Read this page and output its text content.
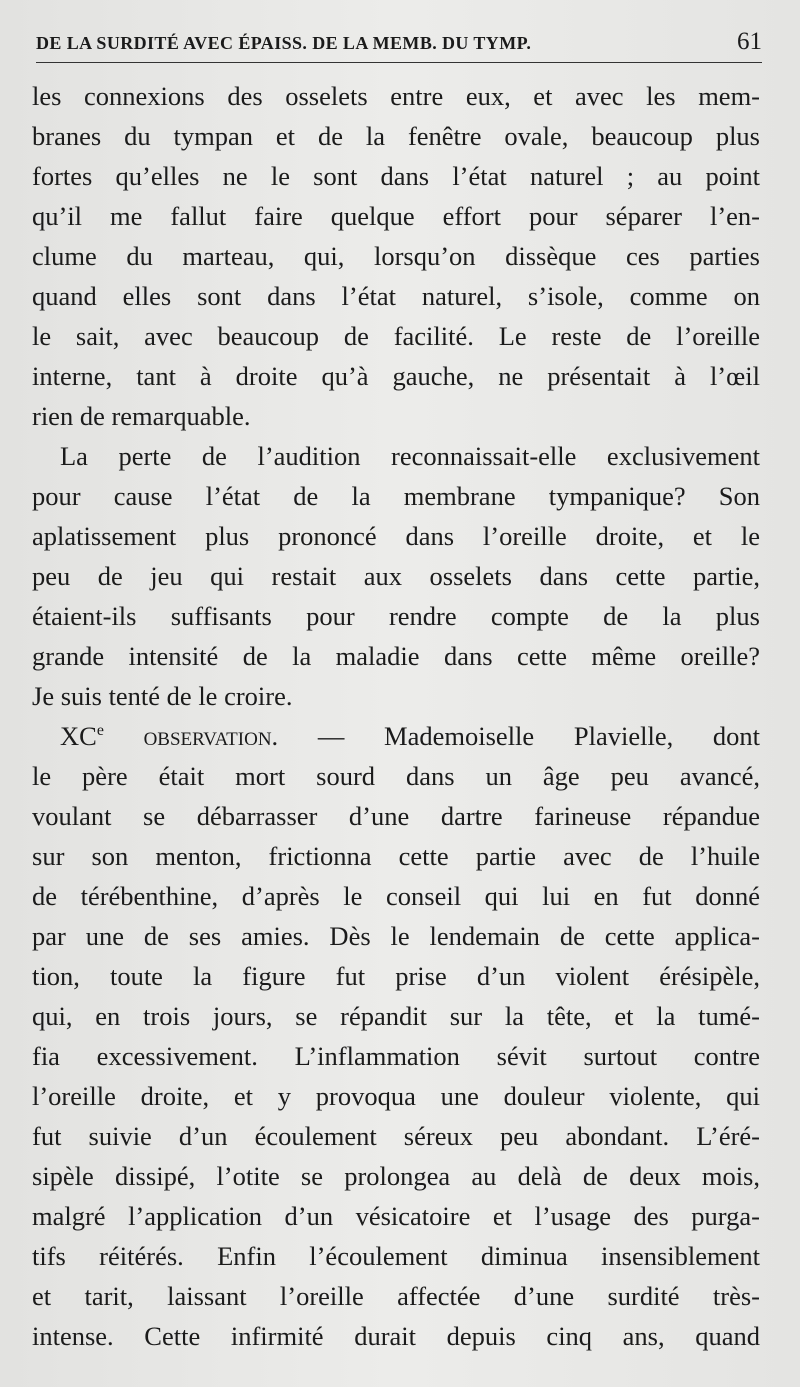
DE LA SURDITÉ AVEC ÉPAISS. DE LA MEMB. DU TYMP.	61
les connexions des osselets entre eux, et avec les mem-
branes du tympan et de la fenêtre ovale, beaucoup plus
fortes qu’elles ne le sont dans l’état naturel ; au point
qu’il me fallut faire quelque effort pour séparer l’en-
clume du marteau, qui, lorsqu’on dissèque ces parties
quand elles sont dans l’état naturel, s’isole, comme on
le sait, avec beaucoup de facilité. Le reste de l’oreille
interne, tant à droite qu’à gauche, ne présentait à l’œil
rien de remarquable.
La perte de l’audition reconnaissait-elle exclusivement
pour cause l’état de la membrane tympanique? Son
aplatissement plus prononcé dans l’oreille droite, et le
peu de jeu qui restait aux osselets dans cette partie,
étaient-ils suffisants pour rendre compte de la plus
grande intensité de la maladie dans cette même oreille?
Je suis tenté de le croire.
XCe observation. — Mademoiselle Plavielle, dont
le père était mort sourd dans un âge peu avancé,
voulant se débarrasser d’une dartre farineuse répandue
sur son menton, frictionna cette partie avec de l’huile
de térébenthine, d’après le conseil qui lui en fut donné
par une de ses amies. Dès le lendemain de cette applica-
tion, toute la figure fut prise d’un violent érésipèle,
qui, en trois jours, se répandit sur la tête, et la tumé-
fia excessivement. L’inflammation sévit surtout contre
l’oreille droite, et y provoqua une douleur violente, qui
fut suivie d’un écoulement séreux peu abondant. L’éré-
sipèle dissipé, l’otite se prolongea au delà de deux mois,
malgré l’application d’un vésicatoire et l’usage des purga-
tifs réitérés. Enfin l’écoulement diminua insensiblement
et tarit, laissant l’oreille affectée d’une surdité très-
intense. Cette infirmité durait depuis cinq ans, quand
